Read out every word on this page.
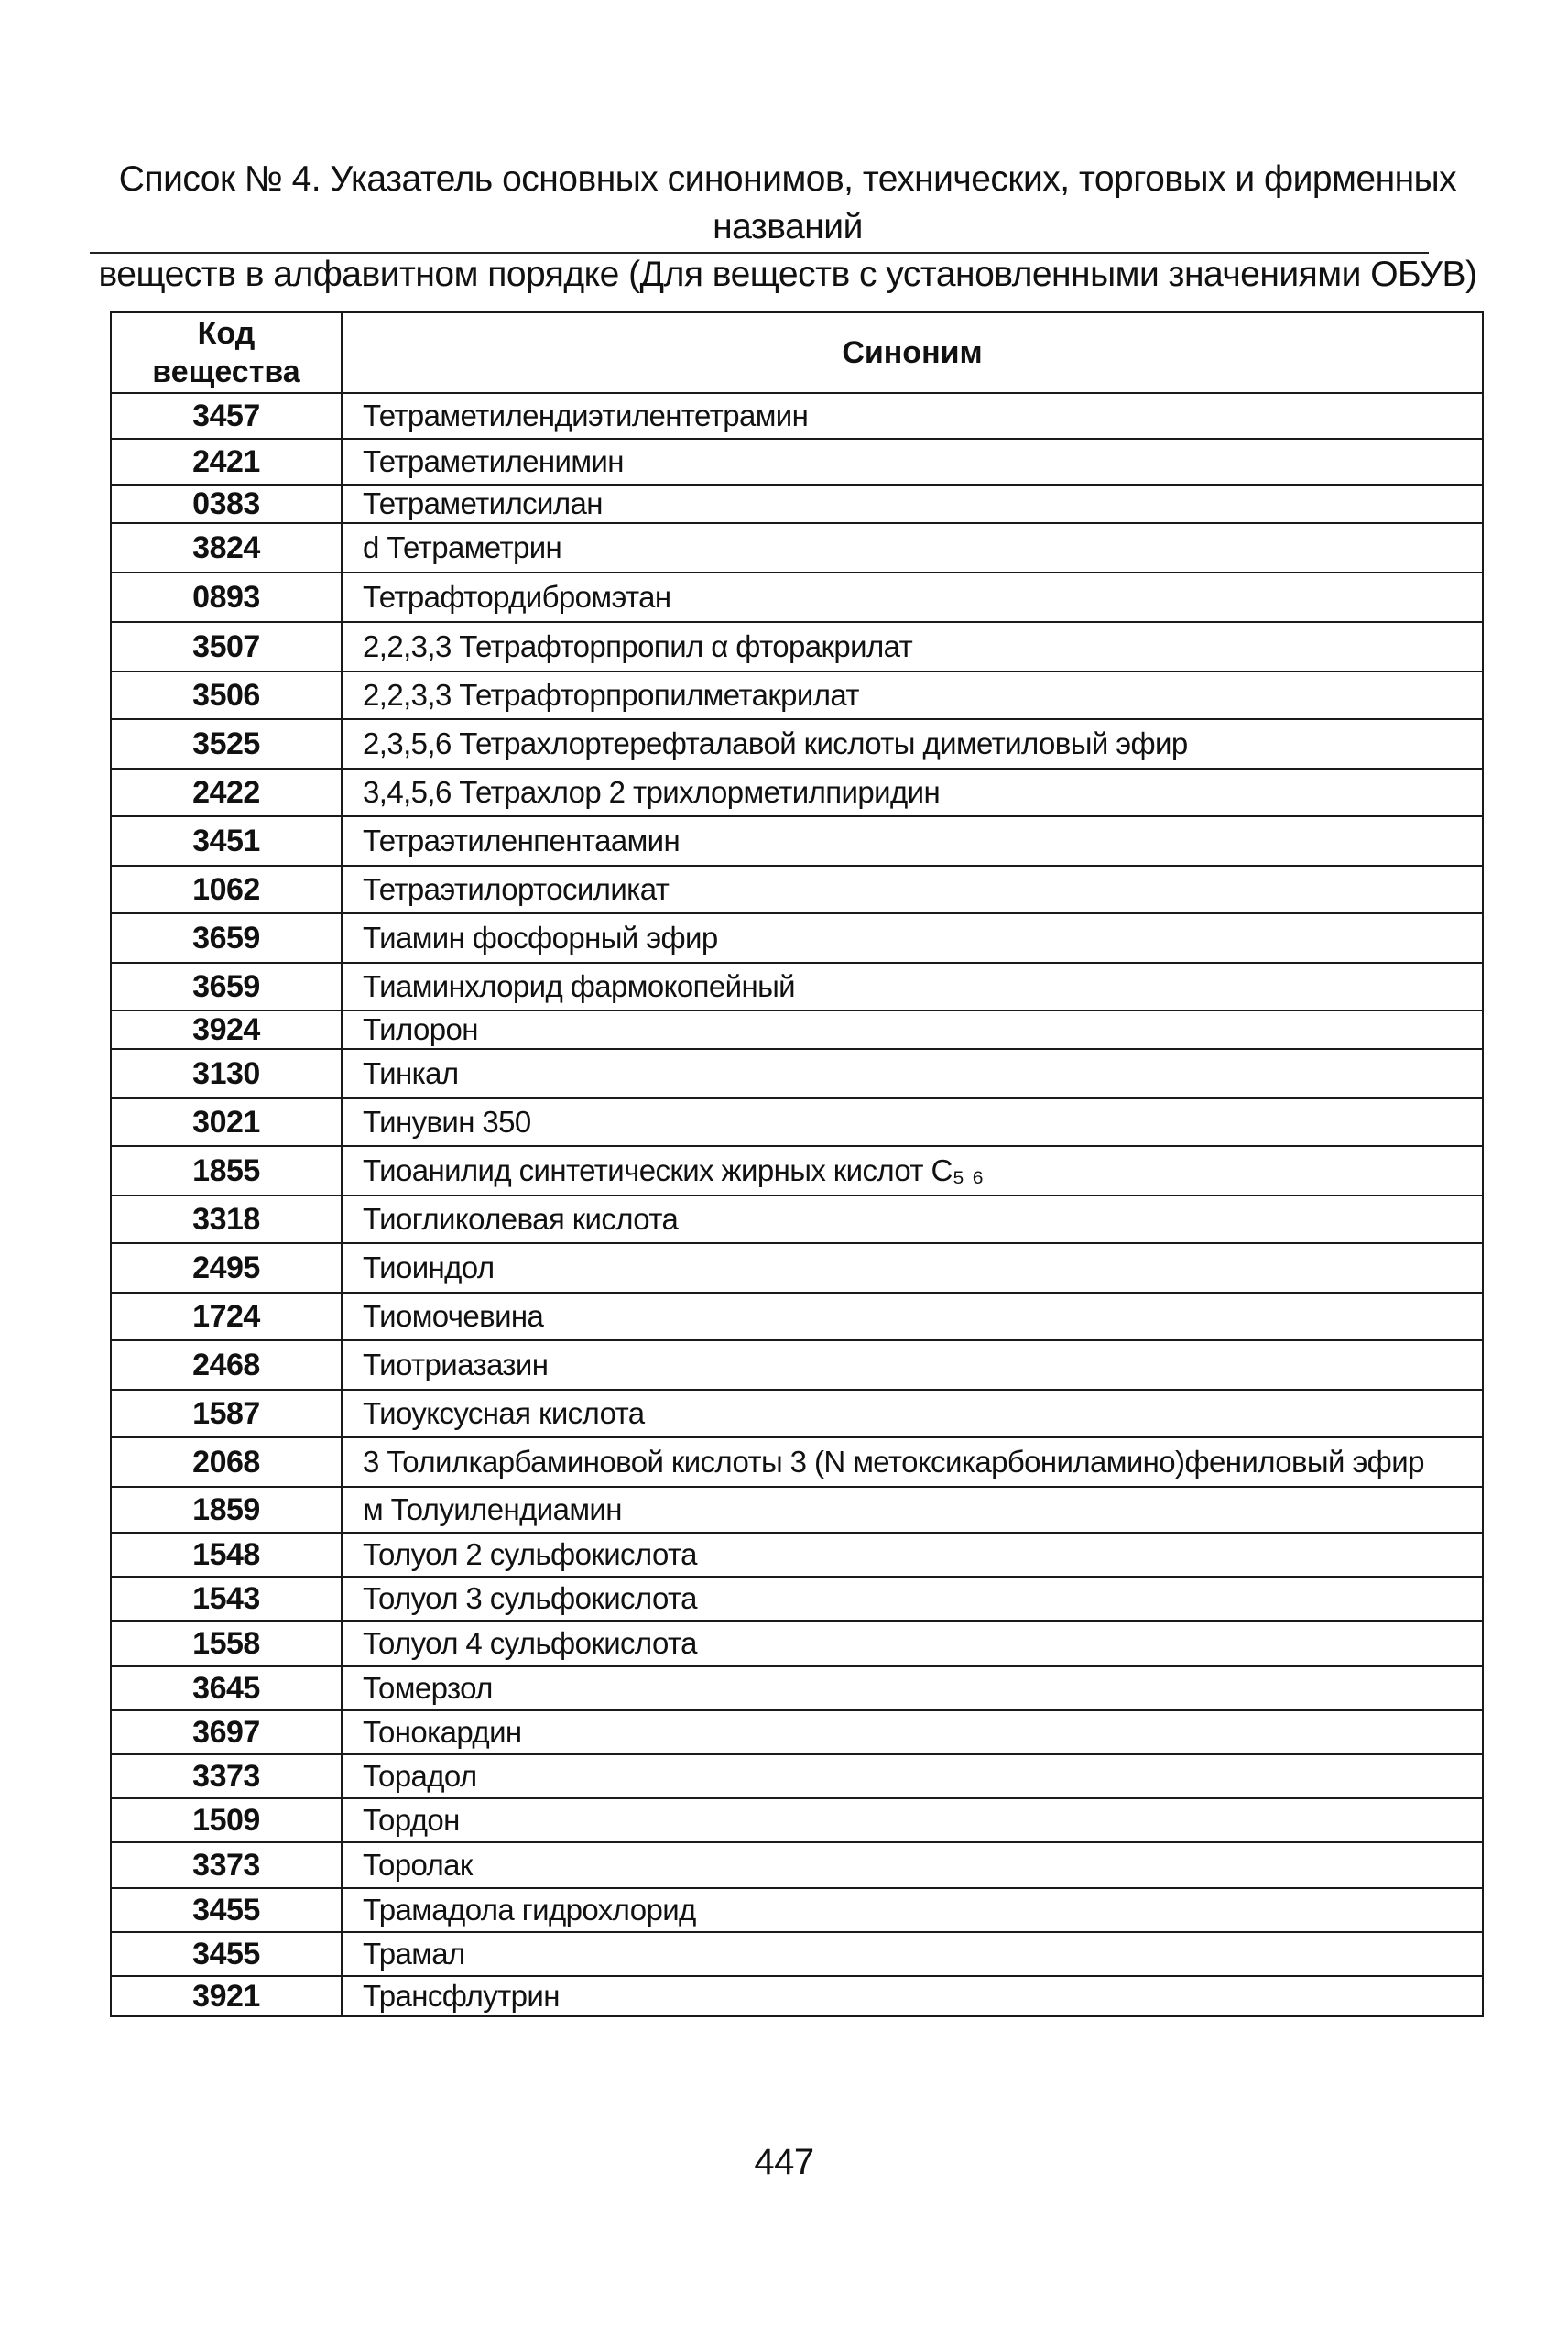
Список № 4. Указатель основных синонимов, технических, торговых и фирменных названий
веществ в алфавитном порядке (Для веществ с установленными значениями ОБУВ)
Код вещества	Синоним
3457	Тетраметилендиэтилентетрамин
2421	Тетраметиленимин
0383	Тетраметилсилан
3824	d Тетраметрин
0893	Тетрафтордибромэтан
3507	2,2,3,3 Тетрафторпропил α фторакрилат
3506	2,2,3,3 Тетрафторпропилметакрилат
3525	2,3,5,6 Тетрахлортерефталавой кислоты диметиловый эфир
2422	3,4,5,6 Тетрахлор 2 трихлорметилпиридин
3451	Тетраэтиленпентаамин
1062	Тетраэтилортосиликат
3659	Тиамин фосфорный эфир
3659	Тиаминхлорид фармокопейный
3924	Тилорон
3130	Тинкал
3021	Тинувин 350
1855	Тиоанилид синтетических жирных кислот C₅ ₆
3318	Тиогликолевая кислота
2495	Тиоиндол
1724	Тиомочевина
2468	Тиотриазазин
1587	Тиоуксусная кислота
2068	3 Толилкарбаминовой кислоты 3 (N метоксикарбониламино)фениловый эфир
1859	м Толуилендиамин
1548	Толуол 2 сульфокислота
1543	Толуол 3 сульфокислота
1558	Толуол 4 сульфокислота
3645	Томерзол
3697	Тонокардин
3373	Торадол
1509	Тордон
3373	Торолак
3455	Трамадола гидрохлорид
3455	Трамал
3921	Трансфлутрин
447
